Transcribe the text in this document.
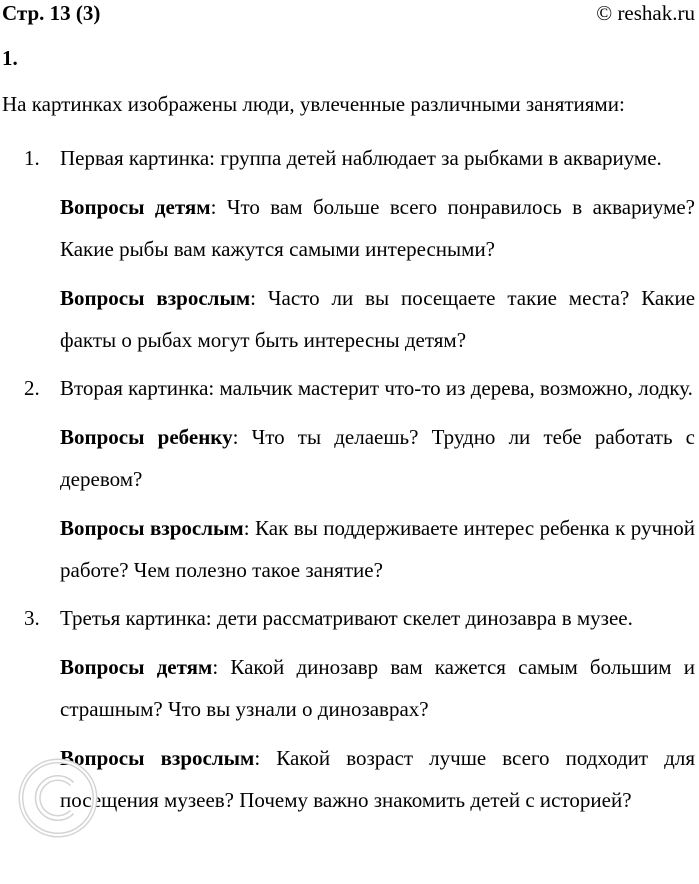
Стр. 13 (3)	© reshak.ru
1.
На картинках изображены люди, увлеченные различными занятиями:
1. Первая картинка: группа детей наблюдает за рыбками в аквариуме.

Вопросы детям: Что вам больше всего понравилось в аквариуме? Какие рыбы вам кажутся самыми интересными?

Вопросы взрослым: Часто ли вы посещаете такие места? Какие факты о рыбах могут быть интересны детям?

2. Вторая картинка: мальчик мастерит что-то из дерева, возможно, лодку.

Вопросы ребенку: Что ты делаешь? Трудно ли тебе работать с деревом?

Вопросы взрослым: Как вы поддерживаете интерес ребенка к ручной работе? Чем полезно такое занятие?

3. Третья картинка: дети рассматривают скелет динозавра в музее.

Вопросы детям: Какой динозавр вам кажется самым большим и страшным? Что вы узнали о динозаврах?

Вопросы взрослым: Какой возраст лучше всего подходит для посещения музеев? Почему важно знакомить детей с историей?
